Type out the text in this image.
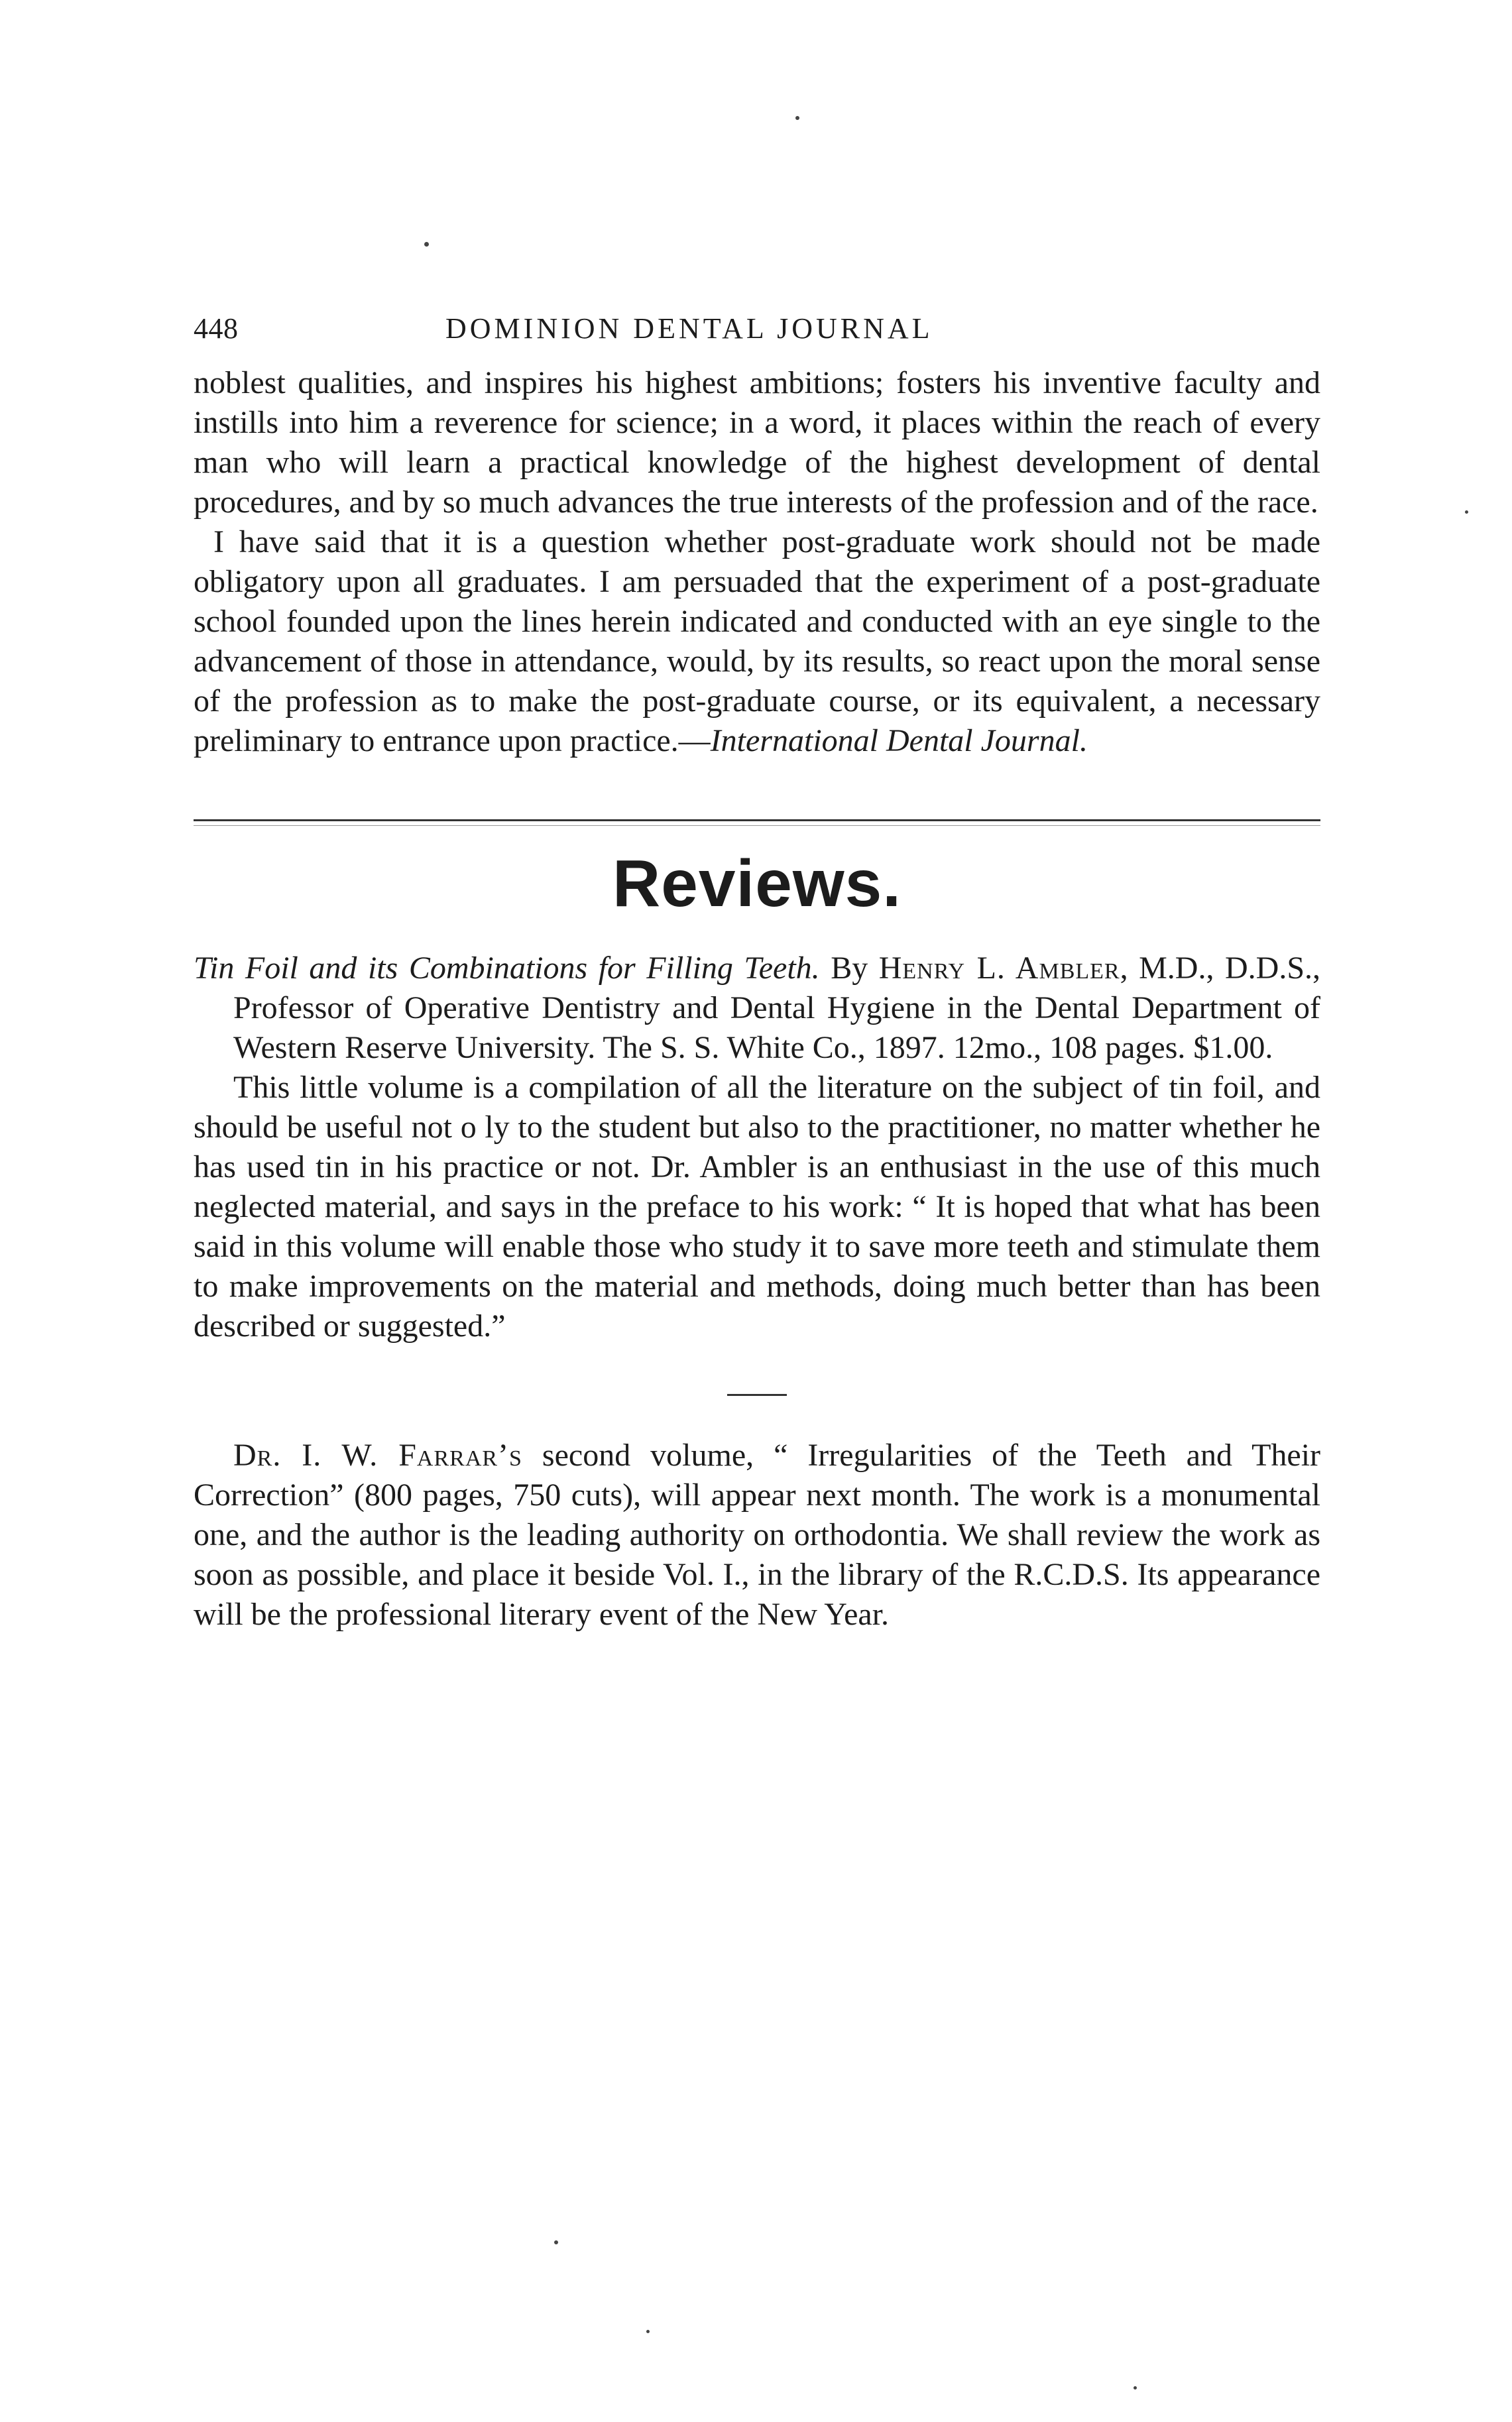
448	DOMINION DENTAL JOURNAL

noblest qualities, and inspires his highest ambitions; fosters his inventive faculty and instills into him a reverence for science; in a word, it places within the reach of every man who will learn a practical knowledge of the highest development of dental procedures, and by so much advances the true interests of the profession and of the race.

I have said that it is a question whether post-graduate work should not be made obligatory upon all graduates. I am persuaded that the experiment of a post-graduate school founded upon the lines herein indicated and conducted with an eye single to the advancement of those in attendance, would, by its results, so react upon the moral sense of the profession as to make the post-graduate course, or its equivalent, a necessary preliminary to entrance upon practice.—International Dental Journal.

Reviews.
Tin Foil and its Combinations for Filling Teeth. By Henry L. Ambler, M.D., D.D.S., Professor of Operative Dentistry and Dental Hygiene in the Dental Department of Western Reserve University. The S. S. White Co., 1897. 12mo., 108 pages. $1.00.

This little volume is a compilation of all the literature on the subject of tin foil, and should be useful not o ly to the student but also to the practitioner, no matter whether he has used tin in his practice or not. Dr. Ambler is an enthusiast in the use of this much neglected material, and says in the preface to his work: “ It is hoped that what has been said in this volume will enable those who study it to save more teeth and stimulate them to make improvements on the material and methods, doing much better than has been described or suggested.”

Dr. I. W. Farrar’s second volume, “ Irregularities of the Teeth and Their Correction” (800 pages, 750 cuts), will appear next month. The work is a monumental one, and the author is the leading authority on orthodontia. We shall review the work as soon as possible, and place it beside Vol. I., in the library of the R.C.D.S. Its appearance will be the professional literary event of the New Year.
